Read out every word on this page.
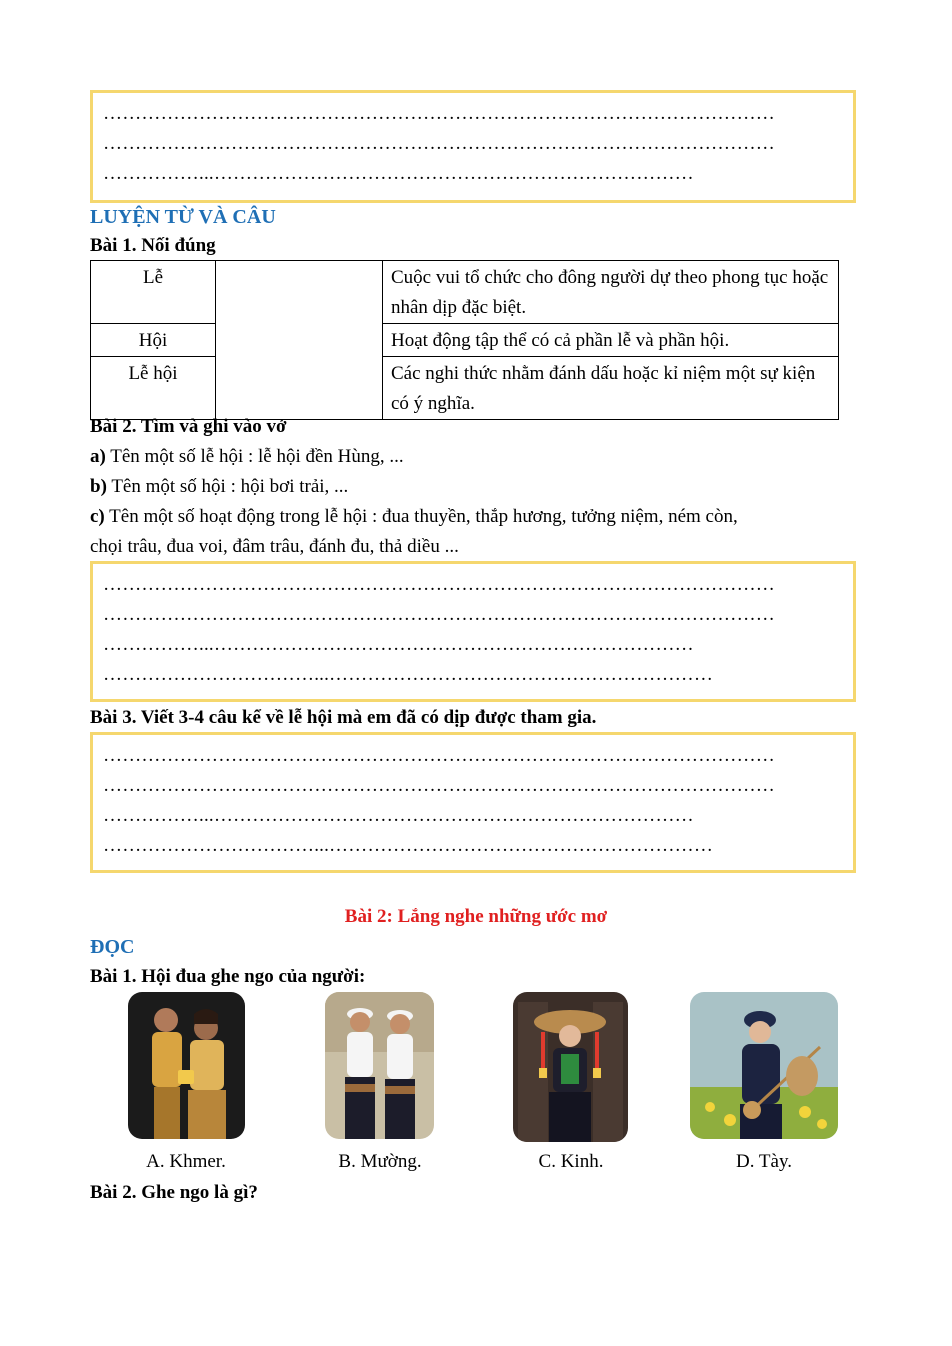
……………………………………………………………………………………………
……………………………………………………………………………………………
……………...…………………………………………………………………
LUYỆN TỪ VÀ CÂU
Bài 1. Nối đúng
Lễ		Cuộc vui tổ chức cho đông người dự theo phong tục hoặc nhân dịp đặc biệt.
Hội		Hoạt động tập thể có cả phần lễ và phần hội.
Lễ hội		Các nghi thức nhằm đánh dấu hoặc kỉ niệm một sự kiện có ý nghĩa.
Bài 2. Tìm và ghi vào vở
a) Tên một số lễ hội : lễ hội đền Hùng, ...
b) Tên một số hội : hội bơi trải, ...
c) Tên một số hoạt động trong lễ hội : đua thuyền, thắp hương, tưởng niệm, ném còn,
chọi trâu, đua voi, đâm trâu, đánh đu, thả diều ...
……………………………………………………………………………………………
……………………………………………………………………………………………
……………...…………………………………………………………………
……………………………...……………………………………………………
Bài 3. Viết 3-4 câu kể về lễ hội mà em đã có dịp được tham gia.
……………………………………………………………………………………………
……………………………………………………………………………………………
……………...…………………………………………………………………
……………………………...……………………………………………………
Bài 2: Lắng nghe những ước mơ
ĐỌC
Bài 1. Hội đua ghe ngo của người:
A. Khmer.	B. Mường.	C. Kinh.	D. Tày.
Bài 2. Ghe ngo là gì?
